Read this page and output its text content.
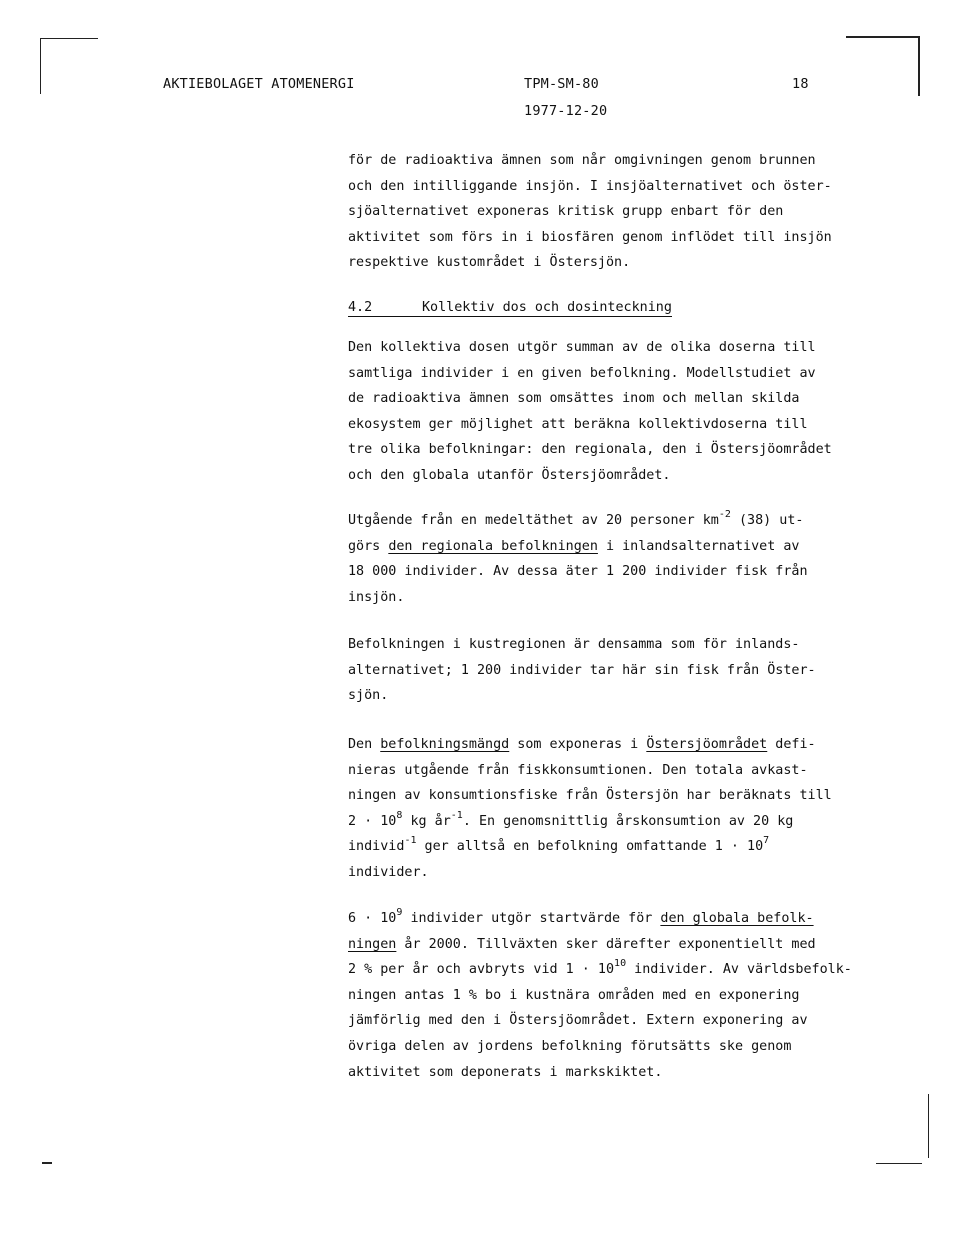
AKTIEBOLAGET ATOMENERGI	TPM-SM-80	18
1977-12-20
för de radioaktiva ämnen som når omgivningen genom brunnen
och den intilliggande insjön. I insjöalternativet och öster-
sjöalternativet exponeras kritisk grupp enbart för den
aktivitet som förs in i biosfären genom inflödet till insjön
respektive kustområdet i Östersjön.
4.2	Kollektiv dos och dosinteckning
Den kollektiva dosen utgör summan av de olika doserna till
samtliga individer i en given befolkning. Modellstudiet av
de radioaktiva ämnen som omsättes inom och mellan skilda
ekosystem ger möjlighet att beräkna kollektivdoserna till
tre olika befolkningar: den regionala, den i Östersjöområdet
och den globala utanför Östersjöområdet.
Utgående från en medeltäthet av 20 personer $km^{-2}$ (38) ut-
görs den regionala befolkningen i inlandsalternativet av
18 000 individer. Av dessa äter 1 200 individer fisk från
insjön.
Befolkningen i kustregionen är densamma som för inlands-
alternativet; 1 200 individer tar här sin fisk från Öster-
sjön.
Den befolkningsmängd som exponeras i Östersjöområdet defi-
nieras utgående från fiskkonsumtionen. Den totala avkast-
ningen av konsumtionsfiske från Östersjön har beräknats till
$2 \cdot 10^8$ kg $år^{-1}$. En genomsnittlig årskonsumtion av 20 kg
individ$^{-1}$ ger alltså en befolkning omfattande $1 \cdot 10^7$
individer.
$6 \cdot 10^9$ individer utgör startvärde för den globala befolk-
ningen år 2000. Tillväxten sker därefter exponentiellt med
2 % per år och avbryts vid $1 \cdot 10^{10}$ individer. Av världsbefolk-
ningen antas 1 % bo i kustnära områden med en exponering
jämförlig med den i Östersjöområdet. Extern exponering av
övriga delen av jordens befolkning förutsätts ske genom
aktivitet som deponerats i markskiktet.
